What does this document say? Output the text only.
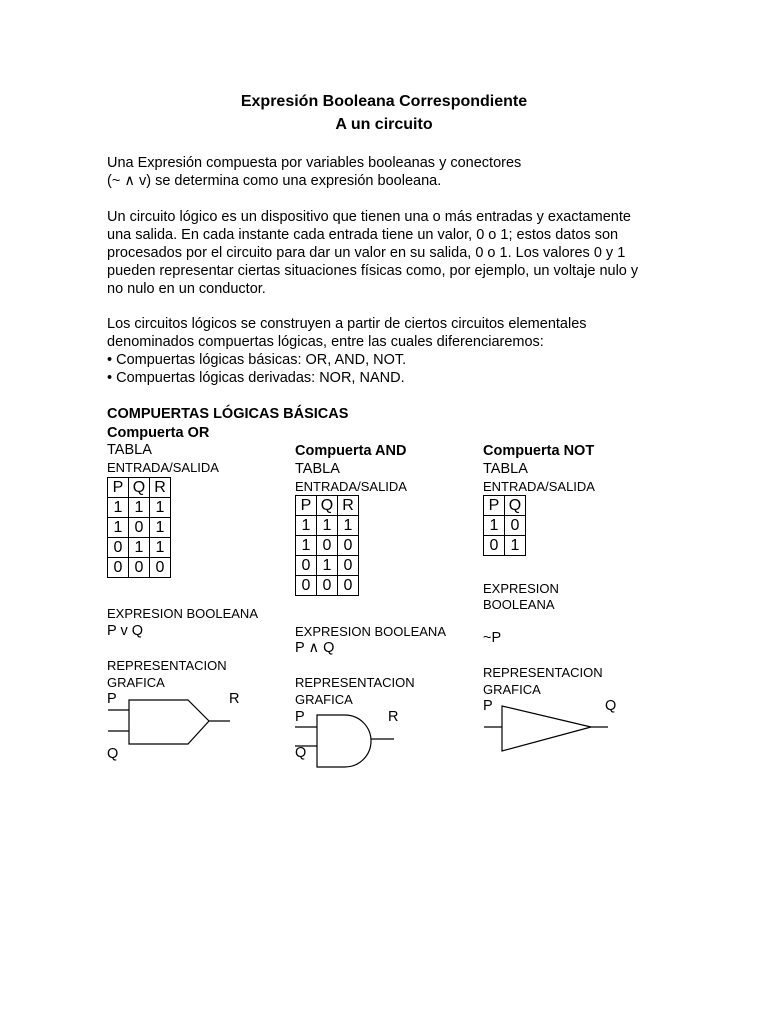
Expresión Booleana Correspondiente
A un circuito
Una Expresión compuesta por variables booleanas y conectores
(~ ∧ v) se determina como una expresión booleana.
Un circuito lógico es un dispositivo que tienen una o más entradas y exactamente
una salida. En cada instante cada entrada tiene un valor, 0 o 1; estos datos son
procesados por el circuito para dar un valor en su salida, 0 o 1. Los valores 0 y 1
pueden representar ciertas situaciones físicas como, por ejemplo, un voltaje nulo y
no nulo en un conductor.
Los circuitos lógicos se construyen a partir de ciertos circuitos elementales
denominados compuertas lógicas, entre las cuales diferenciaremos:
• Compuertas lógicas básicas: OR, AND, NOT.
• Compuertas lógicas derivadas: NOR, NAND.
COMPUERTAS LÓGICAS BÁSICAS
Compuerta OR
TABLA
ENTRADA/SALIDA
P	Q	R
1	1	1
1	0	1
0	1	1
0	0	0
EXPRESION BOOLEANA
P v Q
REPRESENTACION
GRAFICA
P	R
Q
Compuerta AND
TABLA
ENTRADA/SALIDA
P	Q	R
1	1	1
1	0	0
0	1	0
0	0	0
EXPRESION BOOLEANA
P ∧ Q
REPRESENTACION
GRAFICA
P	R
Q
Compuerta NOT
TABLA
ENTRADA/SALIDA
P	Q
1	0
0	1
EXPRESION
BOOLEANA
~P
REPRESENTACION
GRAFICA
P	Q
